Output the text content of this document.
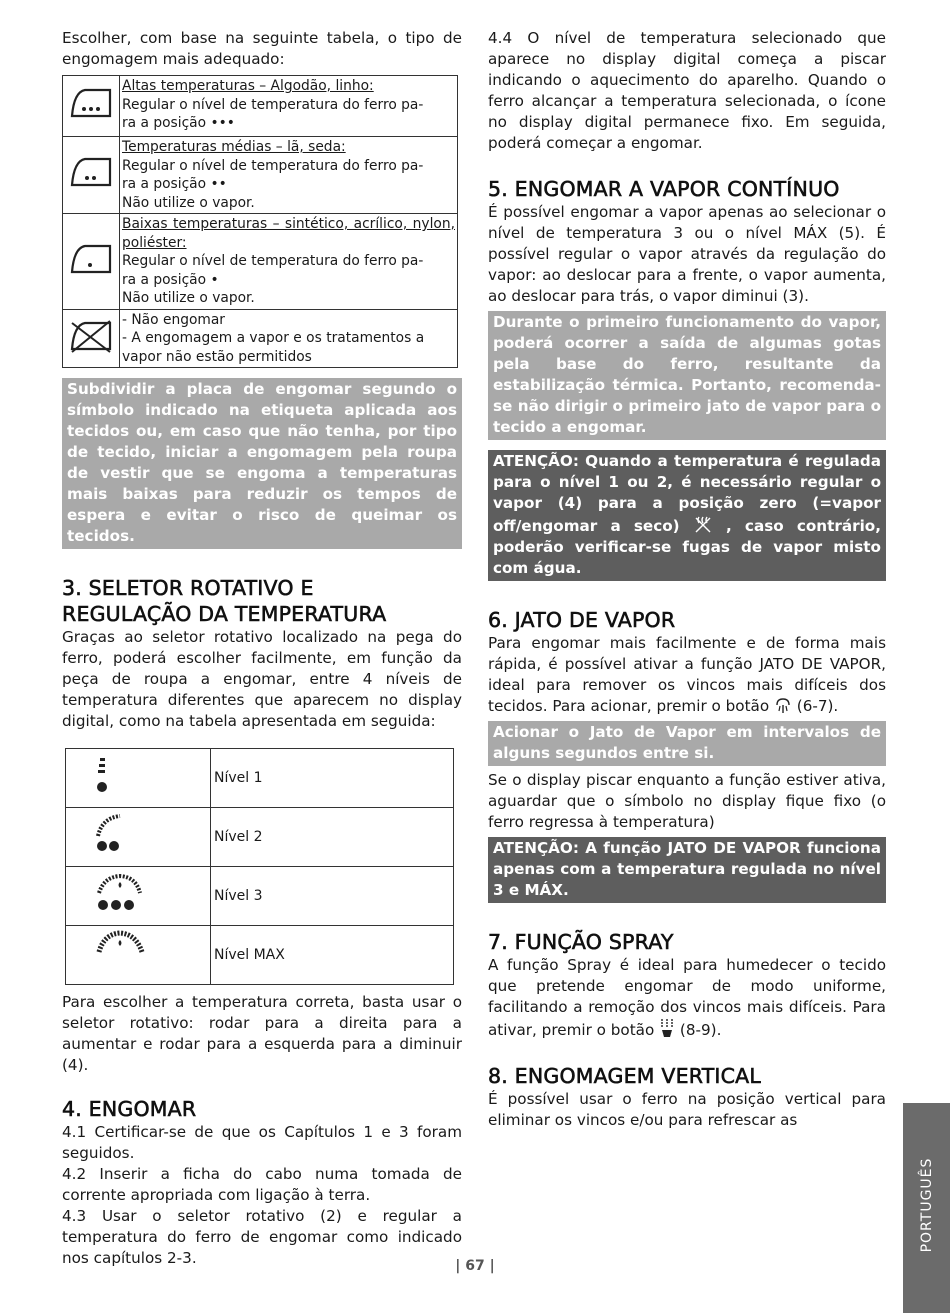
Escolher, com base na seguinte tabela, o tipo de engomagem mais adequado:

Altas temperaturas – Algodão, linho:
Regular o nível de temperatura do ferro pa-
ra a posição •••

Temperaturas médias – lã, seda:
Regular o nível de temperatura do ferro pa-
ra a posição ••
Não utilize o vapor.

Baixas temperaturas – sintético, acrílico, nylon, poliéster:
Regular o nível de temperatura do ferro pa-
ra a posição •
Não utilize o vapor.

- Não engomar
- A engomagem a vapor e os tratamentos a vapor não estão permitidos
Subdividir a placa de engomar segundo o símbolo indicado na etiqueta aplicada aos tecidos ou, em caso que não tenha, por tipo de tecido, iniciar a engomagem pela roupa de vestir que se engoma a temperaturas mais baixas para reduzir os tempos de espera e evitar o risco de queimar os tecidos.
3. SELETOR ROTATIVO E
REGULAÇÃO DA TEMPERATURA

Graças ao seletor rotativo localizado na pega do ferro, poderá escolher facilmente, em função da peça de roupa a engomar, entre 4 níveis de temperatura diferentes que aparecem no display digital, como na tabela apresentada em seguida:

	Nível 1
	Nível 2
	Nível 3
	Nível MAX

Para escolher a temperatura correta, basta usar o seletor rotativo: rodar para a direita para a aumentar e rodar para a esquerda para a diminuir (4).

4. ENGOMAR

4.1 Certificar-se de que os Capítulos 1 e 3 foram seguidos.

4.2 Inserir a ficha do cabo numa tomada de corrente apropriada com ligação à terra.

4.3 Usar o seletor rotativo (2) e regular a temperatura do ferro de engomar como indicado nos capítulos 2-3.

4.4 O nível de temperatura selecionado que aparece no display digital começa a piscar indicando o aquecimento do aparelho. Quando o ferro alcançar a temperatura selecionada, o ícone no display digital permanece fixo. Em seguida, poderá começar a engomar.

5. ENGOMAR A VAPOR CONTÍNUO

É possível engomar a vapor apenas ao selecionar o nível de temperatura 3 ou o nível MÁX (5). É possível regular o vapor através da regulação do vapor: ao deslocar para a frente, o vapor aumenta, ao deslocar para trás, o vapor diminui (3).

Durante o primeiro funcionamento do vapor, poderá ocorrer a saída de algumas gotas pela base do ferro, resultante da estabilização térmica. Portanto, recomenda-se não dirigir o primeiro jato de vapor para o tecido a engomar.
ATENÇÃO: Quando a temperatura é regulada para o nível 1 ou 2, é necessário regular o vapor (4) para a posição zero (=vapor off/engomar a seco)	, caso contrário, poderão verificar-se fugas de vapor misto com água.
6. JATO DE VAPOR

Para engomar mais facilmente e de forma mais rápida, é possível ativar a função JATO DE VAPOR, ideal para remover os vincos mais difíceis dos tecidos. Para acionar, premir o botão (6-7).

Acionar o Jato de Vapor em intervalos de alguns segundos entre si.

Se o display piscar enquanto a função estiver ativa, aguardar que o símbolo no display fique fixo (o ferro regressa à temperatura)

ATENÇÃO: A função JATO DE VAPOR funciona apenas com a temperatura regulada no nível 3 e MÁX.
7. FUNÇÃO SPRAY

A função Spray é ideal para humedecer o tecido que pretende engomar de modo uniforme, facilitando a remoção dos vincos mais difíceis. Para ativar, premir o botão (8-9).

8. ENGOMAGEM VERTICAL

É possível usar o ferro na posição vertical para eliminar os vincos e/ou para refrescar as

| 67 |
PORTUGUÊS
